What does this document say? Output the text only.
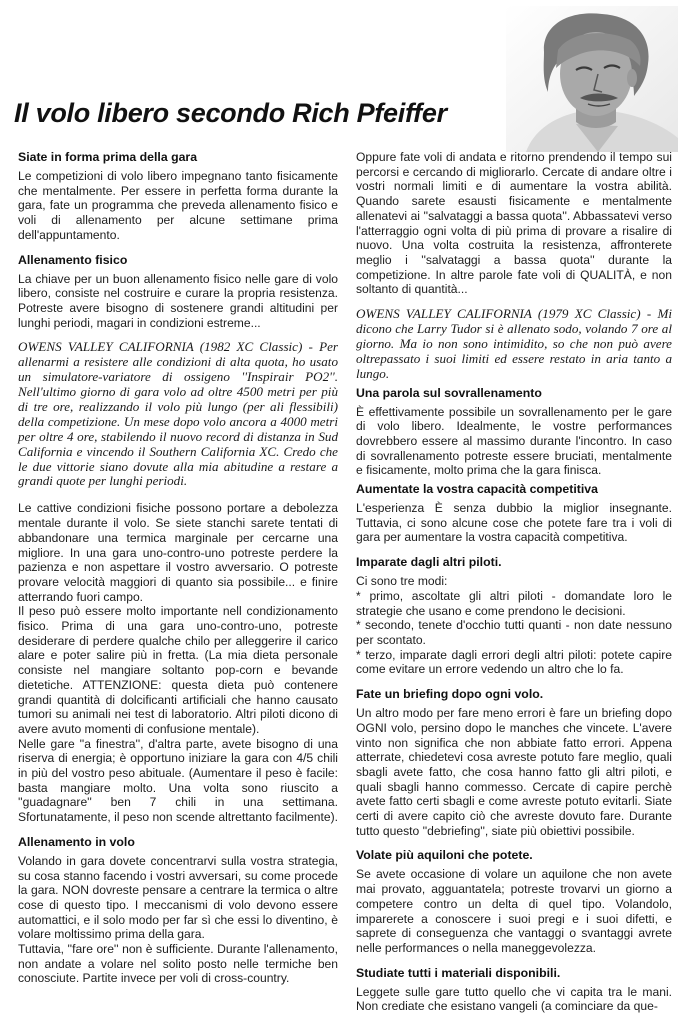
Il volo libero secondo Rich Pfeiffer
Siate in forma prima della gara
Le competizioni di volo libero impegnano tanto fisicamente che mentalmente. Per essere in perfetta forma durante la gara, fate un programma che preveda allenamento fisico e voli di allenamento per alcune settimane prima dell'appuntamento.
Allenamento fisico
La chiave per un buon allenamento fisico nelle gare di volo libero, consiste nel costruire e curare la propria resistenza. Potreste avere bisogno di sostenere grandi altitudini per lunghi periodi, magari in condizioni estreme...
OWENS VALLEY CALIFORNIA (1982 XC Classic) - Per allenarmi a resistere alle condizioni di alta quota, ho usato un simulatore-variatore di ossigeno ''Inspirair PO2''. Nell'ultimo giorno di gara volo ad oltre 4500 metri per più di tre ore, realizzando il volo più lungo (per ali flessibili) della competizione. Un mese dopo volo ancora a 4000 metri per oltre 4 ore, stabilendo il nuovo record di distanza in Sud California e vincendo il Southern California XC. Credo che le due vittorie siano dovute alla mia abitudine a restare a grandi quote per lunghi periodi.
Le cattive condizioni fisiche possono portare a debolezza mentale durante il volo. Se siete stanchi sarete tentati di abbandonare una termica marginale per cercarne una migliore. In una gara uno-contro-uno potreste perdere la pazienza e non aspettare il vostro avversario. O potreste provare velocità maggiori di quanto sia possibile... e finire atterrando fuori campo.
Il peso può essere molto importante nell condizionamento fisico. Prima di una gara uno-contro-uno, potreste desiderare di perdere qualche chilo per alleggerire il carico alare e poter salire più in fretta. (La mia dieta personale consiste nel mangiare soltanto pop-corn e bevande dietetiche. ATTENZIONE: questa dieta può contenere grandi quantità di dolcificanti artificiali che hanno causato tumori su animali nei test di laboratorio. Altri piloti dicono di avere avuto momenti di confusione mentale).
Nelle gare ''a finestra'', d'altra parte, avete bisogno di una riserva di energia; è opportuno iniziare la gara con 4/5 chili in più del vostro peso abituale. (Aumentare il peso è facile: basta mangiare molto. Una volta sono riuscito a ''guadagnare'' ben 7 chili in una settimana. Sfortunatamente, il peso non scende altrettanto facilmente).
Allenamento in volo
Volando in gara dovete concentrarvi sulla vostra strategia, su cosa stanno facendo i vostri avversari, su come procede la gara. NON dovreste pensare a centrare la termica o altre cose di questo tipo. I meccanismi di volo devono essere automattici, e il solo modo per far sì che essi lo diventino, è volare moltissimo prima della gara.
Tuttavia, ''fare ore'' non è sufficiente. Durante l'allenamento, non andate a volare nel solito posto nelle termiche ben conosciute. Partite invece per voli di cross-country.
Oppure fate voli di andata e ritorno prendendo il tempo sui percorsi e cercando di migliorarlo. Cercate di andare oltre i vostri normali limiti e di aumentare la vostra abilità. Quando sarete esausti fisicamente e mentalmente allenatevi ai ''salvataggi a bassa quota''. Abbassatevi verso l'atterraggio ogni volta di più prima di provare a risalire di nuovo. Una volta costruita la resistenza, affronterete meglio i ''salvataggi a bassa quota'' durante la competizione. In altre parole fate voli di QUALITÀ, e non soltanto di quantità...
OWENS VALLEY CALIFORNIA (1979 XC Classic) - Mi dicono che Larry Tudor si è allenato sodo, volando 7 ore al giorno. Ma io non sono intimidito, so che non può avere oltrepassato i suoi limiti ed essere restato in aria tanto a lungo.
Una parola sul sovrallenamento
È effettivamente possibile un sovrallenamento per le gare di volo libero. Idealmente, le vostre performances dovrebbero essere al massimo durante l'incontro. In caso di sovrallenamento potreste essere bruciati, mentalmente e fisicamente, molto prima che la gara finisca.
Aumentate la vostra capacità competitiva
L'esperienza È senza dubbio la miglior insegnante. Tuttavia, ci sono alcune cose che potete fare tra i voli di gara per aumentare la vostra capacità competitiva.
Imparate dagli altri piloti.
Ci sono tre modi:
* primo, ascoltate gli altri piloti - domandate loro le strategie che usano e come prendono le decisioni.
* secondo, tenete d'occhio tutti quanti - non date nessuno per scontato.
* terzo, imparate dagli errori degli altri piloti: potete capire come evitare un errore vedendo un altro che lo fa.
Fate un briefing dopo ogni volo.
Un altro modo per fare meno errori è fare un briefing dopo OGNI volo, persino dopo le manches che vincete. L'avere vinto non significa che non abbiate fatto errori. Appena atterrate, chiedetevi cosa avreste potuto fare meglio, quali sbagli avete fatto, che cosa hanno fatto gli altri piloti, e quali sbagli hanno commesso. Cercate di capire perchè avete fatto certi sbagli e come avreste potuto evitarli. Siate certi di avere capito ciò che avreste dovuto fare. Durante tutto questo ''debriefing'', siate più obiettivi possibile.
Volate più aquiloni che potete.
Se avete occasione di volare un aquilone che non avete mai provato, agguantatela; potreste trovarvi un giorno a competere contro un delta di quel tipo. Volandolo, imparerete a conoscere i suoi pregi e i suoi difetti, e saprete di conseguenza che vantaggi o svantaggi avrete nelle performances o nella maneggevolezza.
Studiate tutti i materiali disponibili.
Leggete sulle gare tutto quello che vi capita tra le mani. Non crediate che esistano vangeli (a cominciare da que-
